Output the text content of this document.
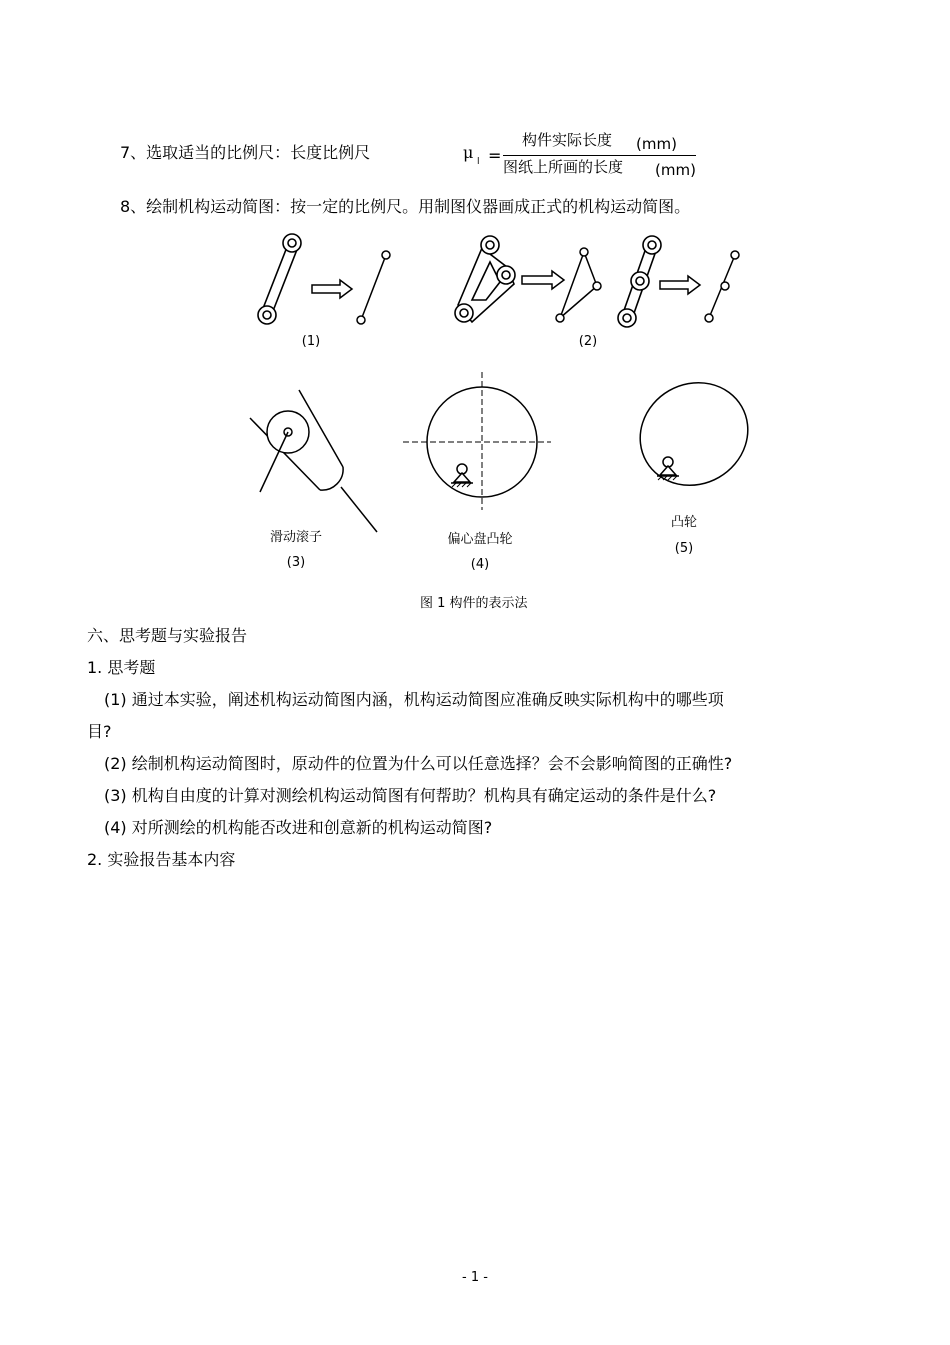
7、选取适当的比例尺：长度比例尺	μ l =
构件实际长度 (mm)
图纸上所画的长度 (mm)
8、绘制机构运动简图：按一定的比例尺。用制图仪器画成正式的机构运动简图。
(1)	(2)
滑动滚子
(3)
偏心盘凸轮
(4)
凸轮
(5)
图 1 构件的表示法
六、思考题与实验报告
1. 思考题
(1) 通过本实验，阐述机构运动简图内涵，机构运动简图应准确反映实际机构中的哪些项
目?
(2) 绘制机构运动简图时，原动件的位置为什么可以任意选择？会不会影响简图的正确性?
(3) 机构自由度的计算对测绘机构运动简图有何帮助？机构具有确定运动的条件是什么?
(4) 对所测绘的机构能否改进和创意新的机构运动简图?
2. 实验报告基本内容
- 1 -
